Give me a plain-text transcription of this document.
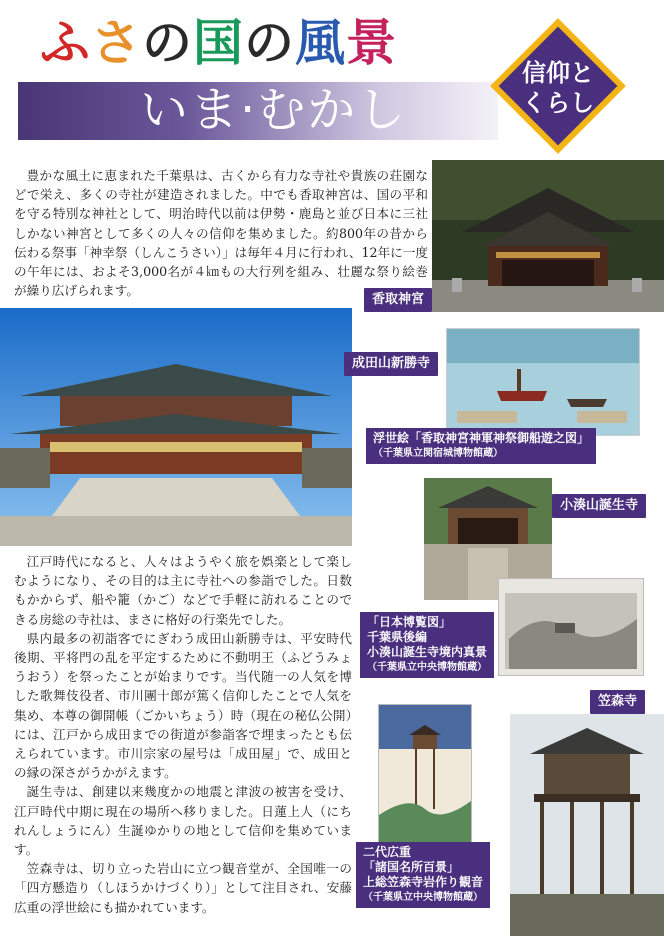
ふさの国の風景
いま·むかし
信仰と
くらし

豊かな風土に恵まれた千葉県は、古くから有力な寺社や貴族の荘園などで栄え、多くの寺社が建造されました。中でも香取神宮は、国の平和を守る特別な神社として、明治時代以前は伊勢・鹿島と並び日本に三社しかない神宮として多くの人々の信仰を集めました。約800年の昔から伝わる祭事「神幸祭（しんこうさい）」は毎年４月に行われ、12年に一度の午年には、およそ3,000名が４㎞もの大行列を組み、壮麗な祭り絵巻が繰り広げられます。

香取神宮
成田山新勝寺
浮世絵「香取神宮神軍神祭御船遊之図」
（千葉県立関宿城博物館蔵）
小湊山誕生寺
「日本博覧図」
千葉県後編
小湊山誕生寺境内真景
（千葉県立中央博物館蔵）
笠森寺
二代広重
「諸国名所百景」
上総笠森寺岩作り観音
（千葉県立中央博物館蔵）

江戸時代になると、人々はようやく旅を娯楽として楽しむようになり、その目的は主に寺社への参詣でした。日数もかからず、船や籠（かご）などで手軽に訪れることのできる房総の寺社は、まさに格好の行楽先でした。

県内最多の初詣客でにぎわう成田山新勝寺は、平安時代後期、平将門の乱を平定するために不動明王（ふどうみょうおう）を祭ったことが始まりです。当代随一の人気を博した歌舞伎役者、市川團十郎が篤く信仰したことで人気を集め、本尊の御開帳（ごかいちょう）時（現在の秘仏公開）には、江戸から成田までの街道が参詣客で埋まったとも伝えられています。市川宗家の屋号は「成田屋」で、成田との縁の深さがうかがえます。

誕生寺は、創建以来幾度かの地震と津波の被害を受け、江戸時代中期に現在の場所へ移りました。日蓮上人（にちれんしょうにん）生誕ゆかりの地として信仰を集めています。

笠森寺は、切り立った岩山に立つ観音堂が、全国唯一の「四方懸造り（しほうかけづくり）」として注目され、安藤広重の浮世絵にも描かれています。
